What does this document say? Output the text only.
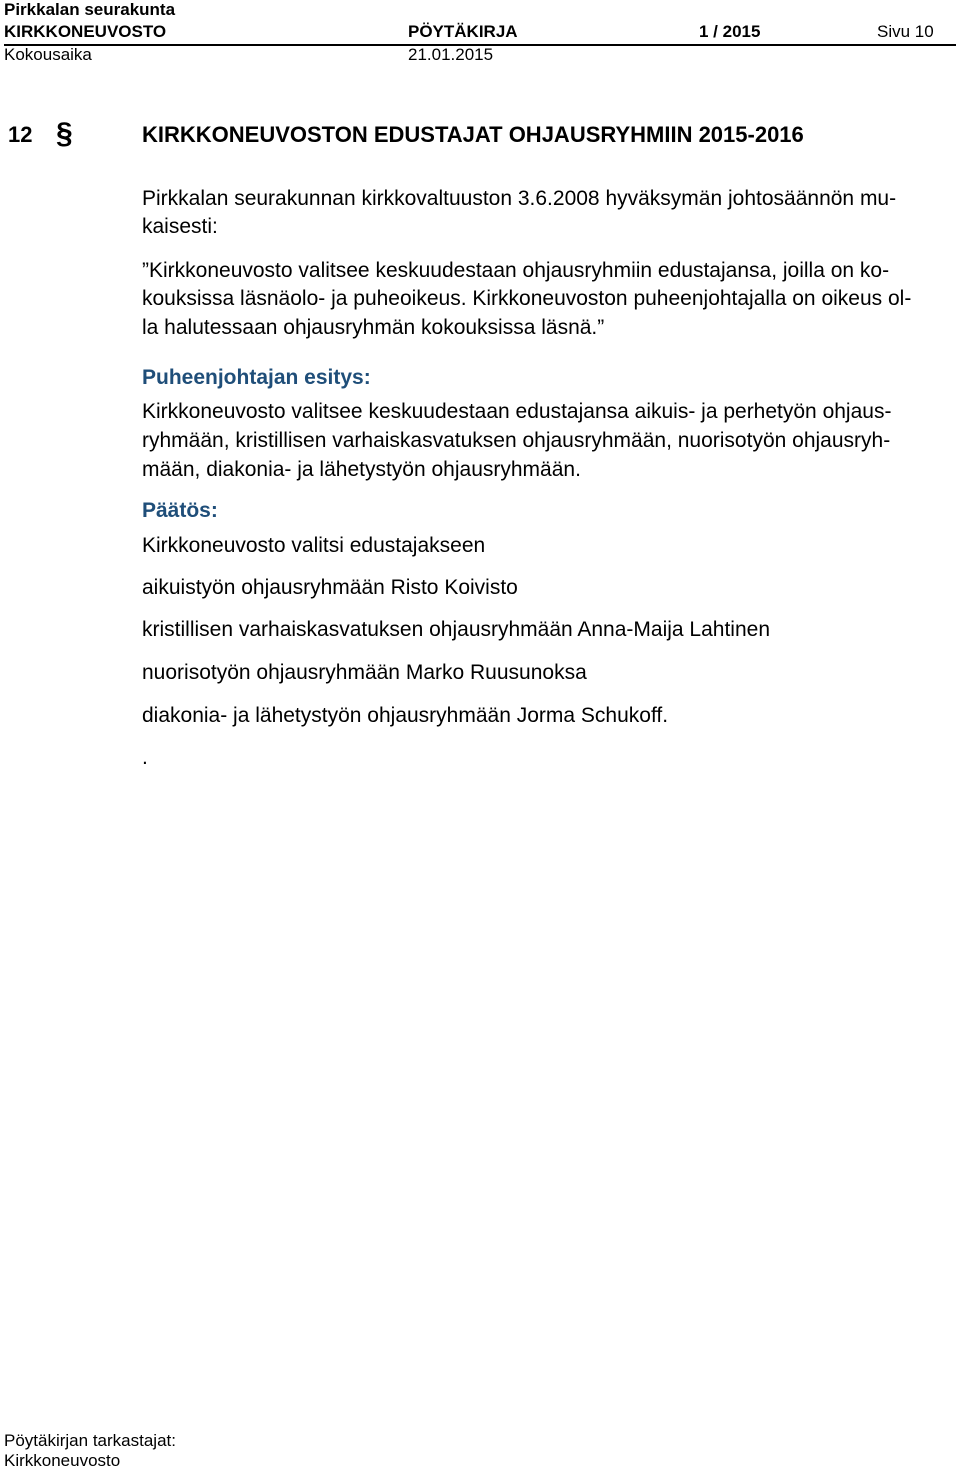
Pirkkalan seurakunta
KIRKKONEUVOSTO	PÖYTÄKIRJA	1 / 2015	Sivu 10
Kokousaika	21.01.2015
12 §	KIRKKONEUVOSTON EDUSTAJAT OHJAUSRYHMIIN 2015-2016
Pirkkalan seurakunnan kirkkovaltuuston 3.6.2008 hyväksymän johtosäännön mu-
kaisesti:
”Kirkkoneuvosto valitsee keskuudestaan ohjausryhmiin edustajansa, joilla on ko-
kouksissa läsnäolo- ja puheoikeus. Kirkkoneuvoston puheenjohtajalla on oikeus ol-
la halutessaan ohjausryhmän kokouksissa läsnä.”
Puheenjohtajan esitys:
Kirkkoneuvosto valitsee keskuudestaan edustajansa aikuis- ja perhetyön ohjaus-
ryhmään, kristillisen varhaiskasvatuksen ohjausryhmään, nuorisotyön ohjausryh-
mään, diakonia- ja lähetystyön ohjausryhmään.
Päätös:
Kirkkoneuvosto valitsi edustajakseen
aikuistyön ohjausryhmään Risto Koivisto
kristillisen varhaiskasvatuksen ohjausryhmään Anna-Maija Lahtinen
nuorisotyön ohjausryhmään Marko Ruusunoksa
diakonia- ja lähetystyön ohjausryhmään Jorma Schukoff.
.
Pöytäkirjan tarkastajat:
Kirkkoneuvosto
